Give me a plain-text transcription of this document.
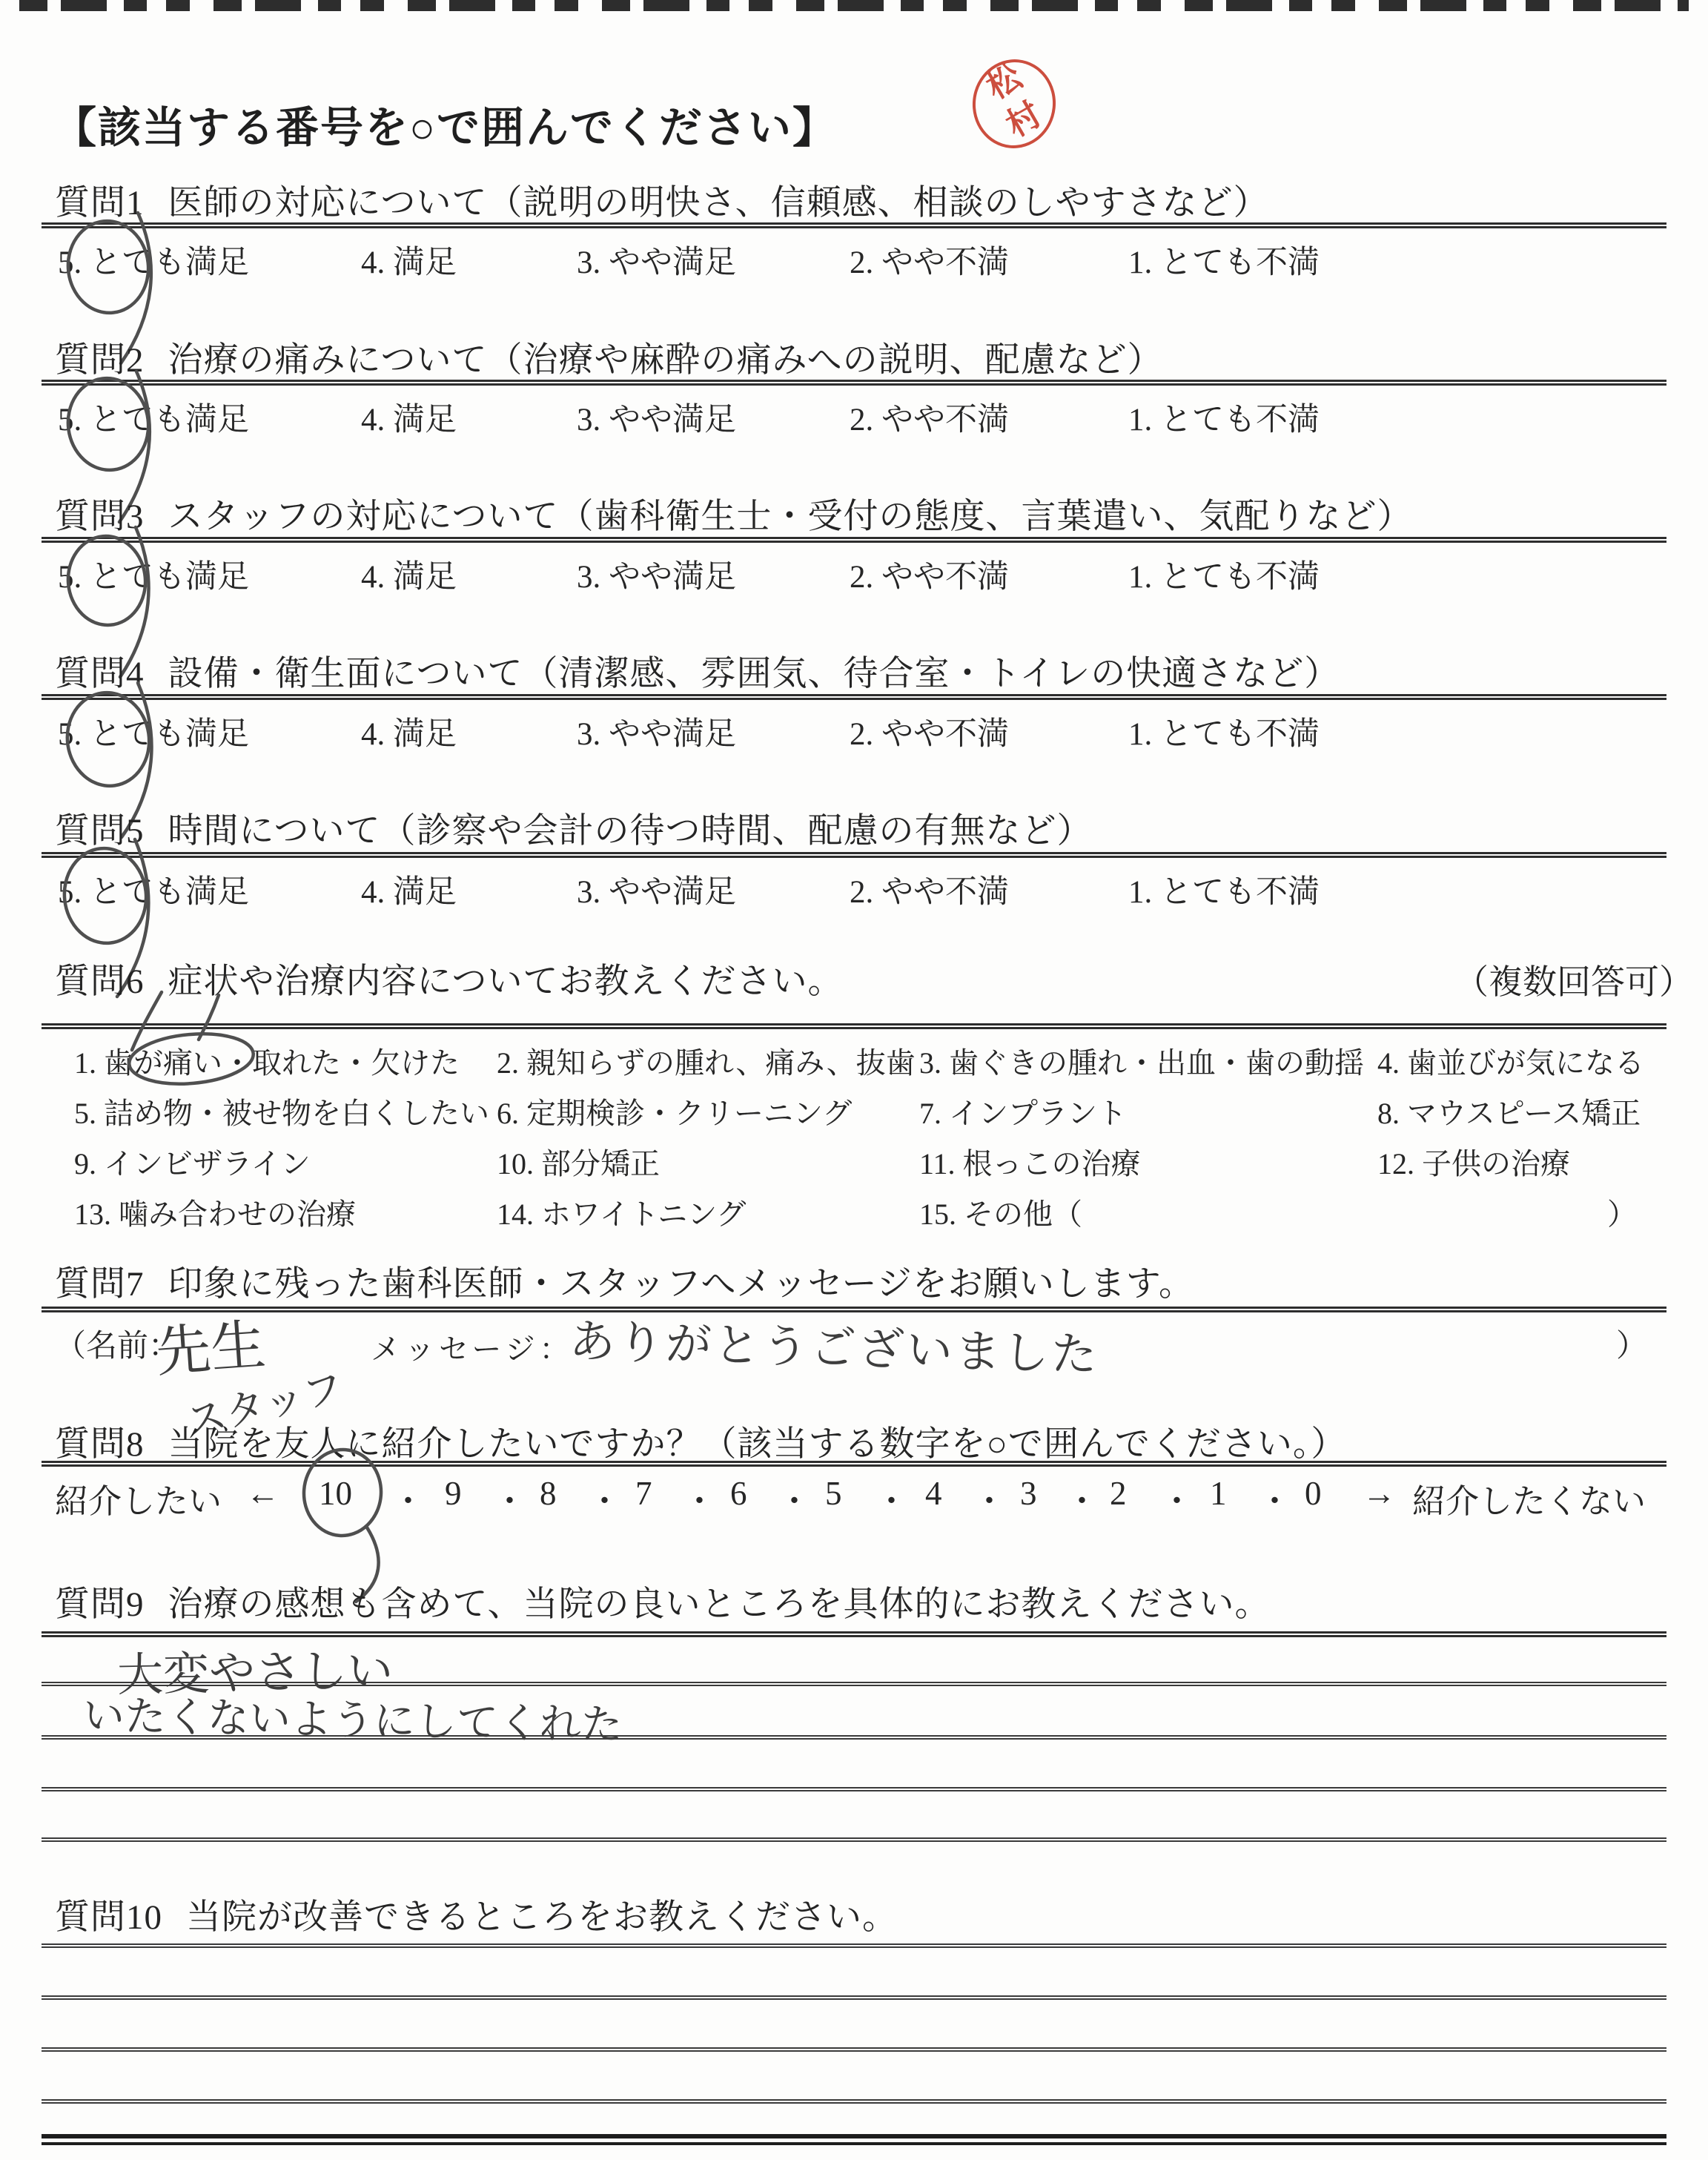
【該当する番号を○で囲んでください】
松
村
質問1 医師の対応について（説明の明快さ、信頼感、相談のしやすさなど）
5. とても満足	4. 満足	3. やや満足	2. やや不満	1. とても不満
質問2 治療の痛みについて（治療や麻酔の痛みへの説明、配慮など）
5. とても満足	4. 満足	3. やや満足	2. やや不満	1. とても不満
質問3 スタッフの対応について（歯科衛生士・受付の態度、言葉遣い、気配りなど）
5. とても満足	4. 満足	3. やや満足	2. やや不満	1. とても不満
質問4 設備・衛生面について（清潔感、雰囲気、待合室・トイレの快適さなど）
5. とても満足	4. 満足	3. やや満足	2. やや不満	1. とても不満
質問5 時間について（診察や会計の待つ時間、配慮の有無など）
5. とても満足	4. 満足	3. やや満足	2. やや不満	1. とても不満
質問6 症状や治療内容についてお教えください。	（複数回答可）
1. 歯が痛い・取れた・欠けた 2. 親知らずの腫れ、痛み、抜歯 3. 歯ぐきの腫れ・出血・歯の動揺 4. 歯並びが気になる
5. 詰め物・被せ物を白くしたい 6. 定期検診・クリーニング 7. インプラント	8. マウスピース矯正
9. インビザライン	10. 部分矯正	11. 根っこの治療	12. 子供の治療
13. 噛み合わせの治療	14. ホワイトニング	15. その他（	）
質問7 印象に残った歯科医師・スタッフへメッセージをお願いします。
（名前：
先生
スタッフ
メッセージ：
ありがとうございました	）
質問8 当院を友人に紹介したいですか？（該当する数字を○で囲んでください。）
紹介したい ← 10 ・ 9 ・ 8 ・ 7 ・ 6 ・ 5 ・ 4 ・ 3 ・ 2 ・ 1 ・ 0 → 紹介したくない
質問9 治療の感想も含めて、当院の良いところを具体的にお教えください。
大変やさしい
いたくないようにしてくれた
質問10 当院が改善できるところをお教えください。
